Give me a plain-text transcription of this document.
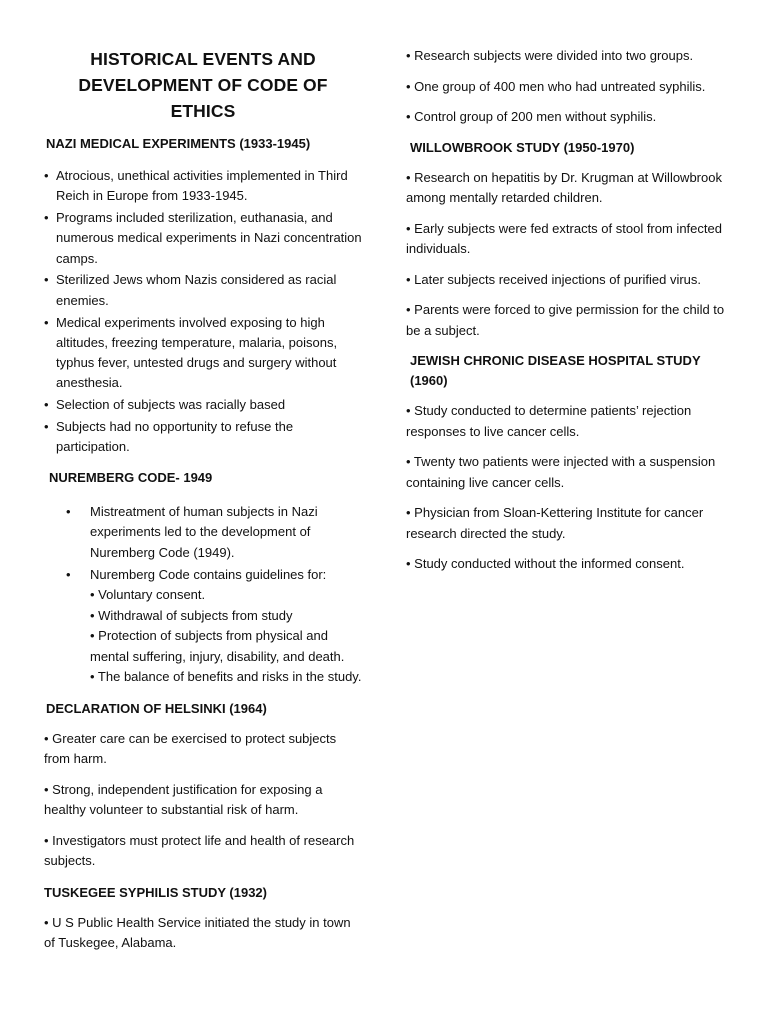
HISTORICAL EVENTS AND
DEVELOPMENT OF CODE OF ETHICS
NAZI MEDICAL EXPERIMENTS (1933-1945)
• Atrocious, unethical activities implemented in Third Reich in Europe from 1933-1945.
• Programs included sterilization, euthanasia, and numerous medical experiments in Nazi concentration camps.
• Sterilized Jews whom Nazis considered as racial enemies.
• Medical experiments involved exposing to high altitudes, freezing temperature, malaria, poisons, typhus fever, untested drugs and surgery without anesthesia.
• Selection of subjects was racially based
• Subjects had no opportunity to refuse the participation.
NUREMBERG CODE- 1949
• Mistreatment of human subjects in Nazi experiments led to the development of Nuremberg Code (1949).
• Nuremberg Code contains guidelines for:
• Voluntary consent.
• Withdrawal of subjects from study
• Protection of subjects from physical and mental suffering, injury, disability, and death.
• The balance of benefits and risks in the study.
DECLARATION OF HELSINKI (1964)
• Greater care can be exercised to protect subjects from harm.
• Strong, independent justification for exposing a healthy volunteer to substantial risk of harm.
• Investigators must protect life and health of research subjects.
TUSKEGEE SYPHILIS STUDY (1932)
• U S Public Health Service initiated the study in town of Tuskegee, Alabama.
• Research subjects were divided into two groups.
• One group of 400 men who had untreated syphilis.
• Control group of 200 men without syphilis.
WILLOWBROOK STUDY (1950-1970)
• Research on hepatitis by Dr. Krugman at Willowbrook among mentally retarded children.
• Early subjects were fed extracts of stool from infected individuals.
• Later subjects received injections of purified virus.
• Parents were forced to give permission for the child to be a subject.
JEWISH CHRONIC DISEASE HOSPITAL STUDY (1960)
• Study conducted to determine patients’ rejection responses to live cancer cells.
• Twenty two patients were injected with a suspension containing live cancer cells.
• Physician from Sloan-Kettering Institute for cancer research directed the study.
• Study conducted without the informed consent.
